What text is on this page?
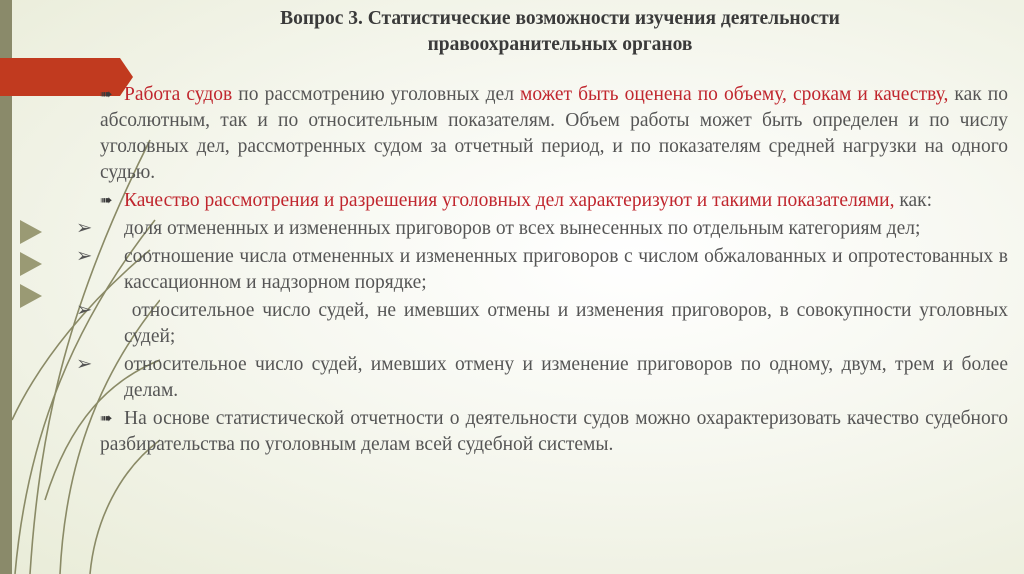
Вопрос 3. Статистические возможности изучения деятельности
правоохранительных органов
➠ Работа судов по рассмотрению уголовных дел может быть оценена по объему, срокам и качеству, как по абсолютным, так и по относительным показателям. Объем работы может быть определен и по числу уголовных дел, рассмотренных судом за отчетный период, и по показателям средней нагрузки на одного судью.
➠ Качество рассмотрения и разрешения уголовных дел характеризуют и такими показателями, как:
➢ доля отмененных и измененных приговоров от всех вынесенных по отдельным категориям дел;
➢ соотношение числа отмененных и измененных приговоров с числом обжалованных и опротестованных в кассационном и надзорном порядке;
➢ относительное число судей, не имевших отмены и изменения приговоров, в совокупности уголовных судей;
➢ относительное число судей, имевших отмену и изменение приговоров по одному, двум, трем и более делам.
➠ На основе статистической отчетности о деятельности судов можно охарактеризовать качество судебного разбирательства по уголовным делам всей судебной системы.
